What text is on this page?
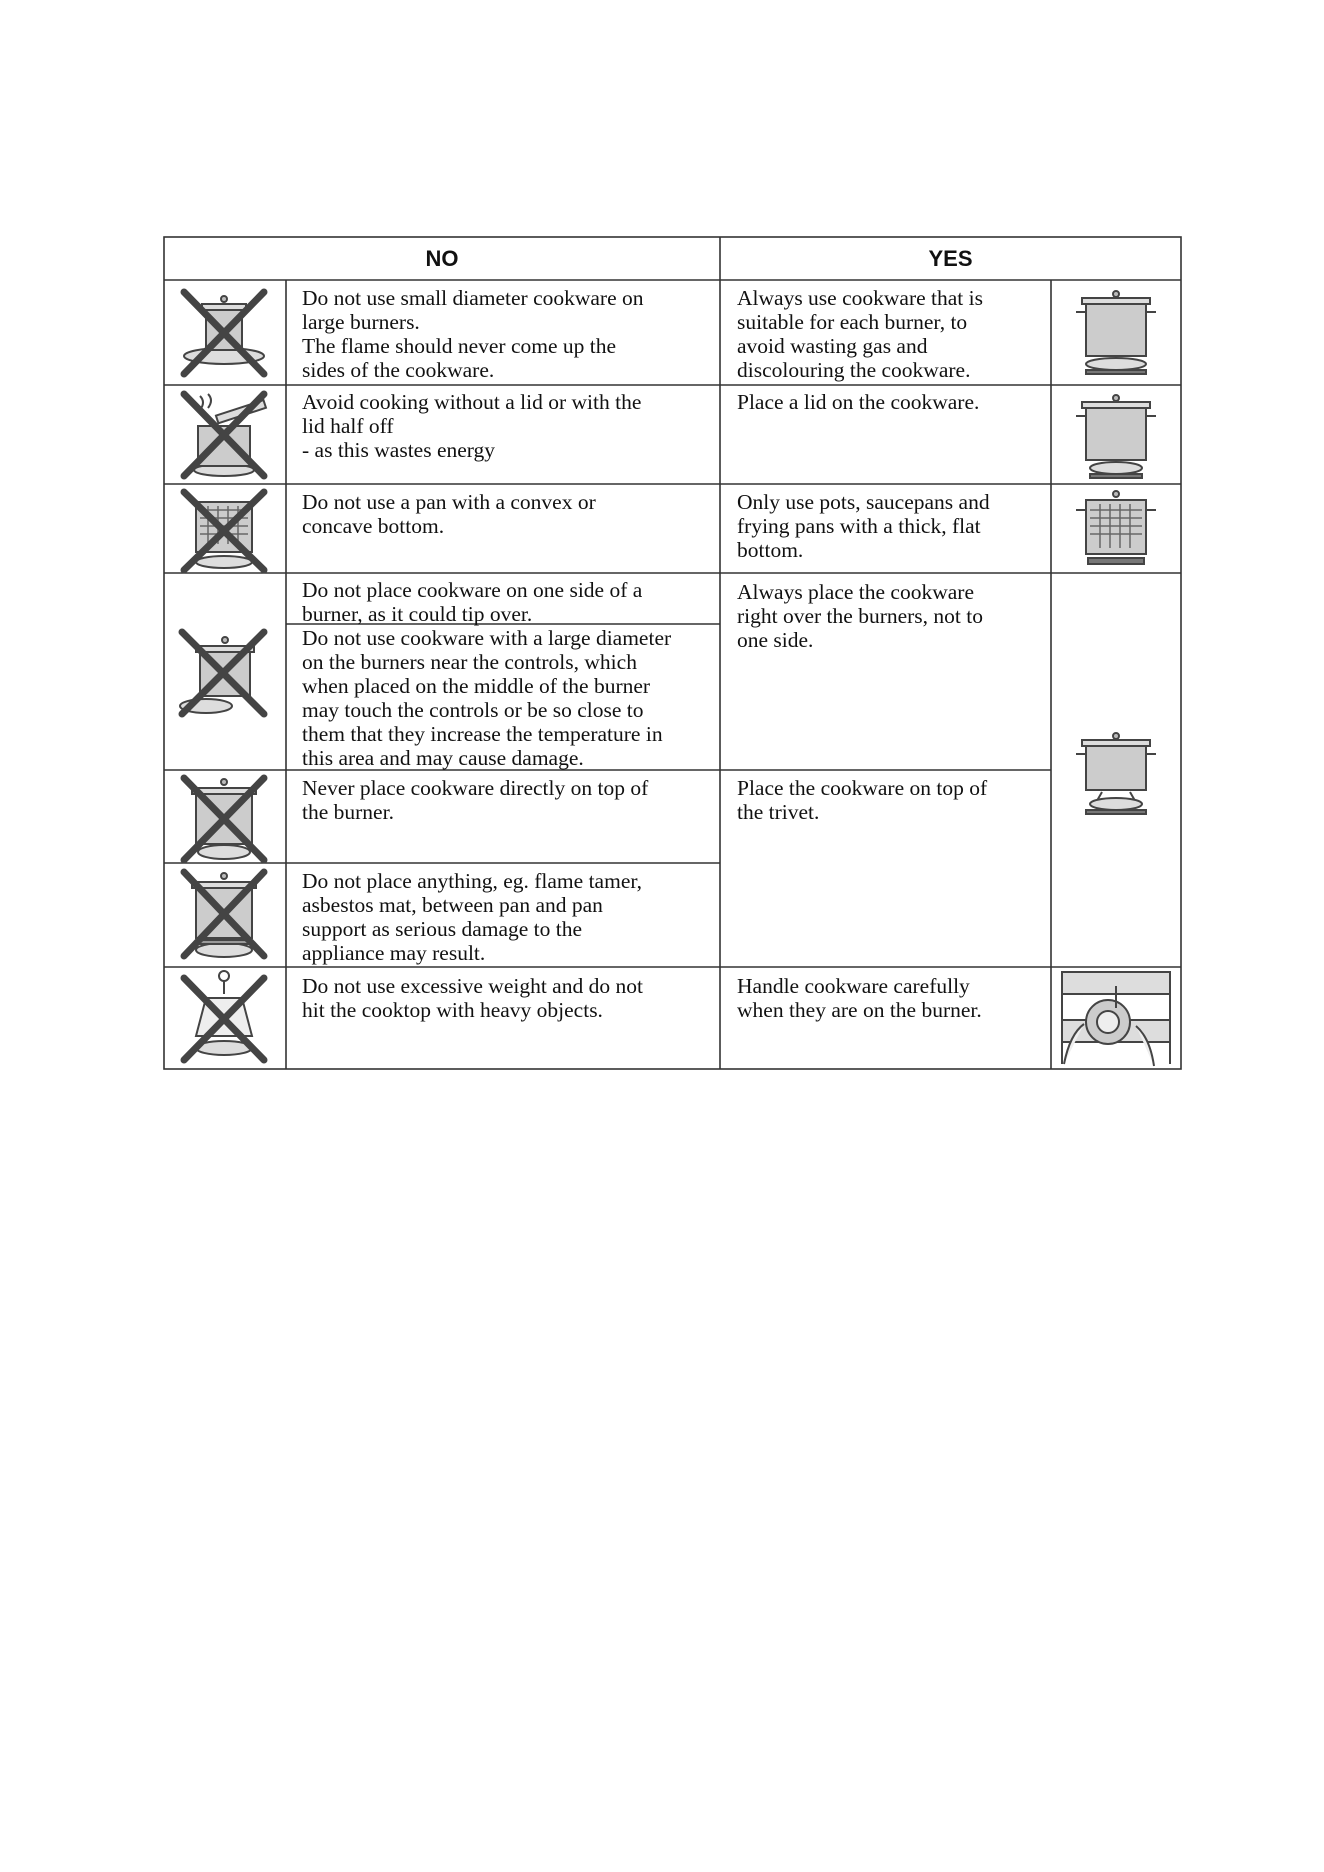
NO	YES

Do not use small diameter cookware on
large burners.
The flame should never come up the
sides of the cookware.

Avoid cooking without a lid or with the
lid half off
- as this wastes energy

Do not use a pan with a convex or
concave bottom.

Do not place cookware on one side of a
burner, as it could tip over.

Do not use cookware with a large diameter
on the burners near the controls, which
when placed on the middle of the burner
may touch the controls or be so close to
them that they increase the temperature in
this area and may cause damage.

Never place cookware directly on top of
the burner.

Do not place anything, eg. flame tamer,
asbestos mat, between pan and pan
support as serious damage to the
appliance may result.

Do not use excessive weight and do not
hit the cooktop with heavy objects.

Always use cookware that is
suitable for each burner, to
avoid wasting gas and
discolouring the cookware.

Place a lid on the cookware.

Only use pots, saucepans and
frying pans with a thick, flat
bottom.

Always place the cookware
right over the burners, not to
one side.

Place the cookware on top of
the trivet.

Handle cookware carefully
when they are on the burner.
